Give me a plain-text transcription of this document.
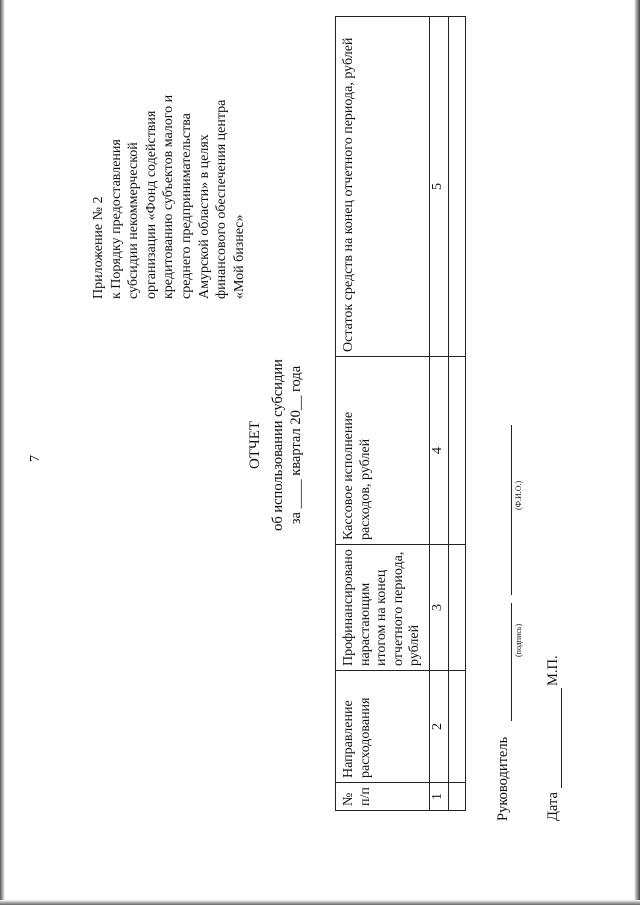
7
Приложение № 2 к Порядку предоставления субсидии некоммерческой организации «Фонд содействия кредитованию субъектов малого и среднего предпринимательства Амурской области» в целях финансового обеспечения центра «Мой бизнес»
ОТЧЕТ об использовании субсидии за ____ квартал 20__ года
№ п/п	Направление расходования	Профинансировано нарастающим итогом на конец отчетного периода, рублей	Кассовое исполнение расходов, рублей	Остаток средств на конец отчетного периода, рублей

1	2	3	4	5

Руководитель
(подпись)
(Ф.И.О.)
Дата
М.П.
